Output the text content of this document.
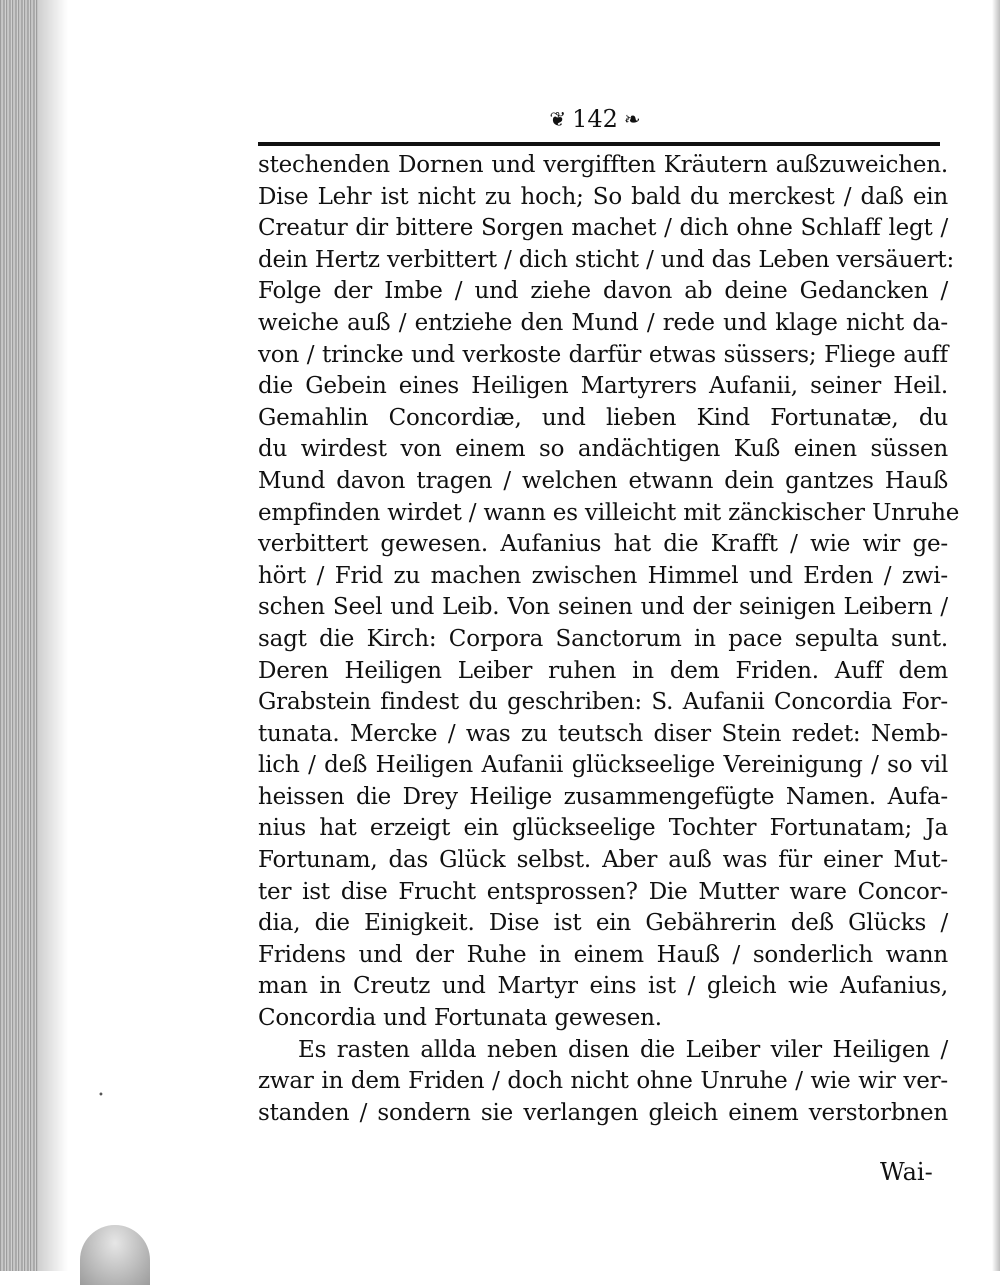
•
❦ 142 ❧
stechenden Dornen und vergifften Kräutern außzuweichen.
Dise Lehr ist nicht zu hoch; So bald du merckest / daß ein
Creatur dir bittere Sorgen machet / dich ohne Schlaff legt /
dein Hertz verbittert / dich sticht / und das Leben versäuert:
Folge der Imbe / und ziehe davon ab deine Gedancken /
weiche auß / entziehe den Mund / rede und klage nicht da-
von / trincke und verkoste darfür etwas süssers; Fliege auff
die Gebein eines Heiligen Martyrers Aufanii, seiner Heil.
Gemahlin Concordiæ, und lieben Kind Fortunatæ, du
du wirdest von einem so andächtigen Kuß einen süssen
Mund davon tragen / welchen etwann dein gantzes Hauß
empfinden wirdet / wann es villeicht mit zänckischer Unruhe
verbittert gewesen. Aufanius hat die Krafft / wie wir ge-
hört / Frid zu machen zwischen Himmel und Erden / zwi-
schen Seel und Leib. Von seinen und der seinigen Leibern /
sagt die Kirch: Corpora Sanctorum in pace sepulta sunt.
Deren Heiligen Leiber ruhen in dem Friden. Auff dem
Grabstein findest du geschriben: S. Aufanii Concordia For-
tunata. Mercke / was zu teutsch diser Stein redet: Nemb-
lich / deß Heiligen Aufanii glückseelige Vereinigung / so vil
heissen die Drey Heilige zusammengefügte Namen. Aufa-
nius hat erzeigt ein glückseelige Tochter Fortunatam; Ja
Fortunam, das Glück selbst. Aber auß was für einer Mut-
ter ist dise Frucht entsprossen? Die Mutter ware Concor-
dia, die Einigkeit. Dise ist ein Gebährerin deß Glücks /
Fridens und der Ruhe in einem Hauß / sonderlich wann
man in Creutz und Martyr eins ist / gleich wie Aufanius,
Concordia und Fortunata gewesen.
Es rasten allda neben disen die Leiber viler Heiligen /
zwar in dem Friden / doch nicht ohne Unruhe / wie wir ver-
standen / sondern sie verlangen gleich einem verstorbnen
Wai-
